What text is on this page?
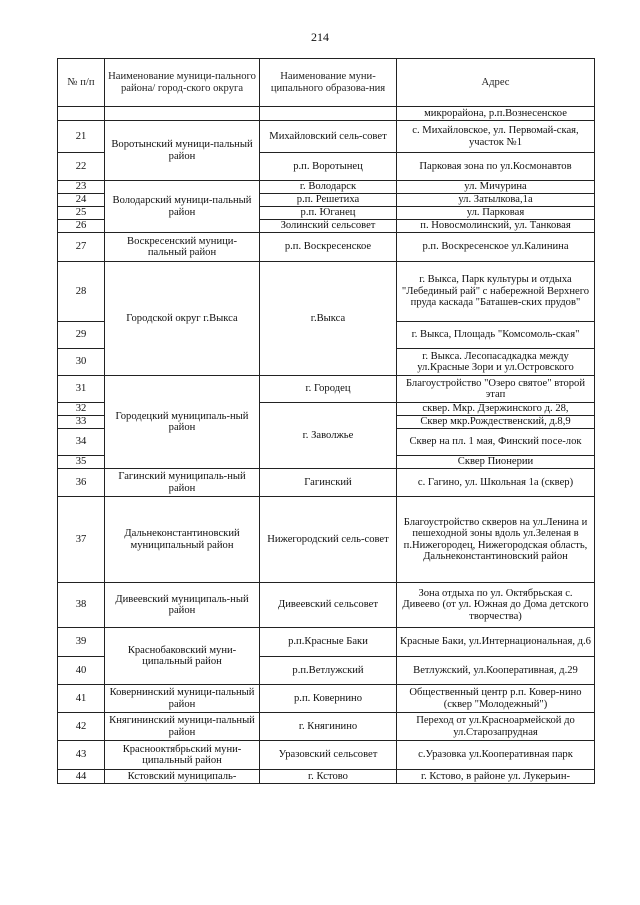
214
№ п/п	Наименование муници-пального района/ город-ского округа	Наименование муни-ципального образова-ния	Адрес
			микрорайона, р.п.Вознесенское
21	Воротынский муници-пальный район	Михайловский сель-совет	с. Михайловское, ул. Первомай-ская, участок №1
22		р.п. Воротынец	Парковая зона по ул.Космонавтов
23	Володарский муници-пальный район	г. Володарск	ул. Мичурина
24		р.п. Решетиха	ул. Затылкова,1а
25		р.п. Юганец	ул. Парковая
26		Золинский сельсовет	п. Новосмолинский, ул. Танковая
27	Воскресенский муници-пальный район	р.п. Воскресенское	р.п. Воскресенское ул.Калинина
28	Городской округ г.Выкса	г.Выкса	г. Выкса, Парк культуры и отдыха "Лебединый рай" с набережной Верхнего пруда каскада "Баташев-ских прудов"
29			г. Выкса, Площадь "Комсомоль-ская"
30			г. Выкса. Лесопасадкадка между ул.Красные Зори и ул.Островского
31	Городецкий муниципаль-ный район	г. Городец	Благоустройство "Озеро святое" второй этап
32		г. Заволжье	сквер. Мкр. Дзержинского д. 28,
33			Сквер мкр.Рождественский, д.8,9
34			Сквер на пл. 1 мая, Финский посе-лок
35			Сквер Пионерии
36	Гагинский муниципаль-ный район	Гагинский	с. Гагино, ул. Школьная 1а (сквер)
37	Дальнеконстантиновский муниципальный район	Нижегородский сель-совет	Благоустройство скверов на ул.Ленина и пешеходной зоны вдоль ул.Зеленая в п.Нижегородец, Нижегородская область, Дальнеконстантиновский район
38	Дивеевский муниципаль-ный район	Дивеевский сельсовет	Зона отдыха по ул. Октябрьская с. Дивеево (от ул. Южная до Дома детского творчества)
39	Краснобаковский муни-ципальный район	р.п.Красные Баки	Красные Баки, ул.Интернациональная, д.6
40		р.п.Ветлужский	Ветлужский, ул.Кооперативная, д.29
41	Ковернинский муници-пальный район	р.п. Ковернино	Общественный центр р.п. Ковер-нино (сквер "Молодежный")
42	Княгининский муници-пальный район	г. Княгинино	Переход от ул.Красноармейской до ул.Старозапрудная
43	Краснооктябрьский муни-ципальный район	Уразовский сельсовет	с.Уразовка ул.Кооперативная парк
44	Кстовский муниципаль-	г. Кстово	г. Кстово, в районе ул. Лукерьин-
